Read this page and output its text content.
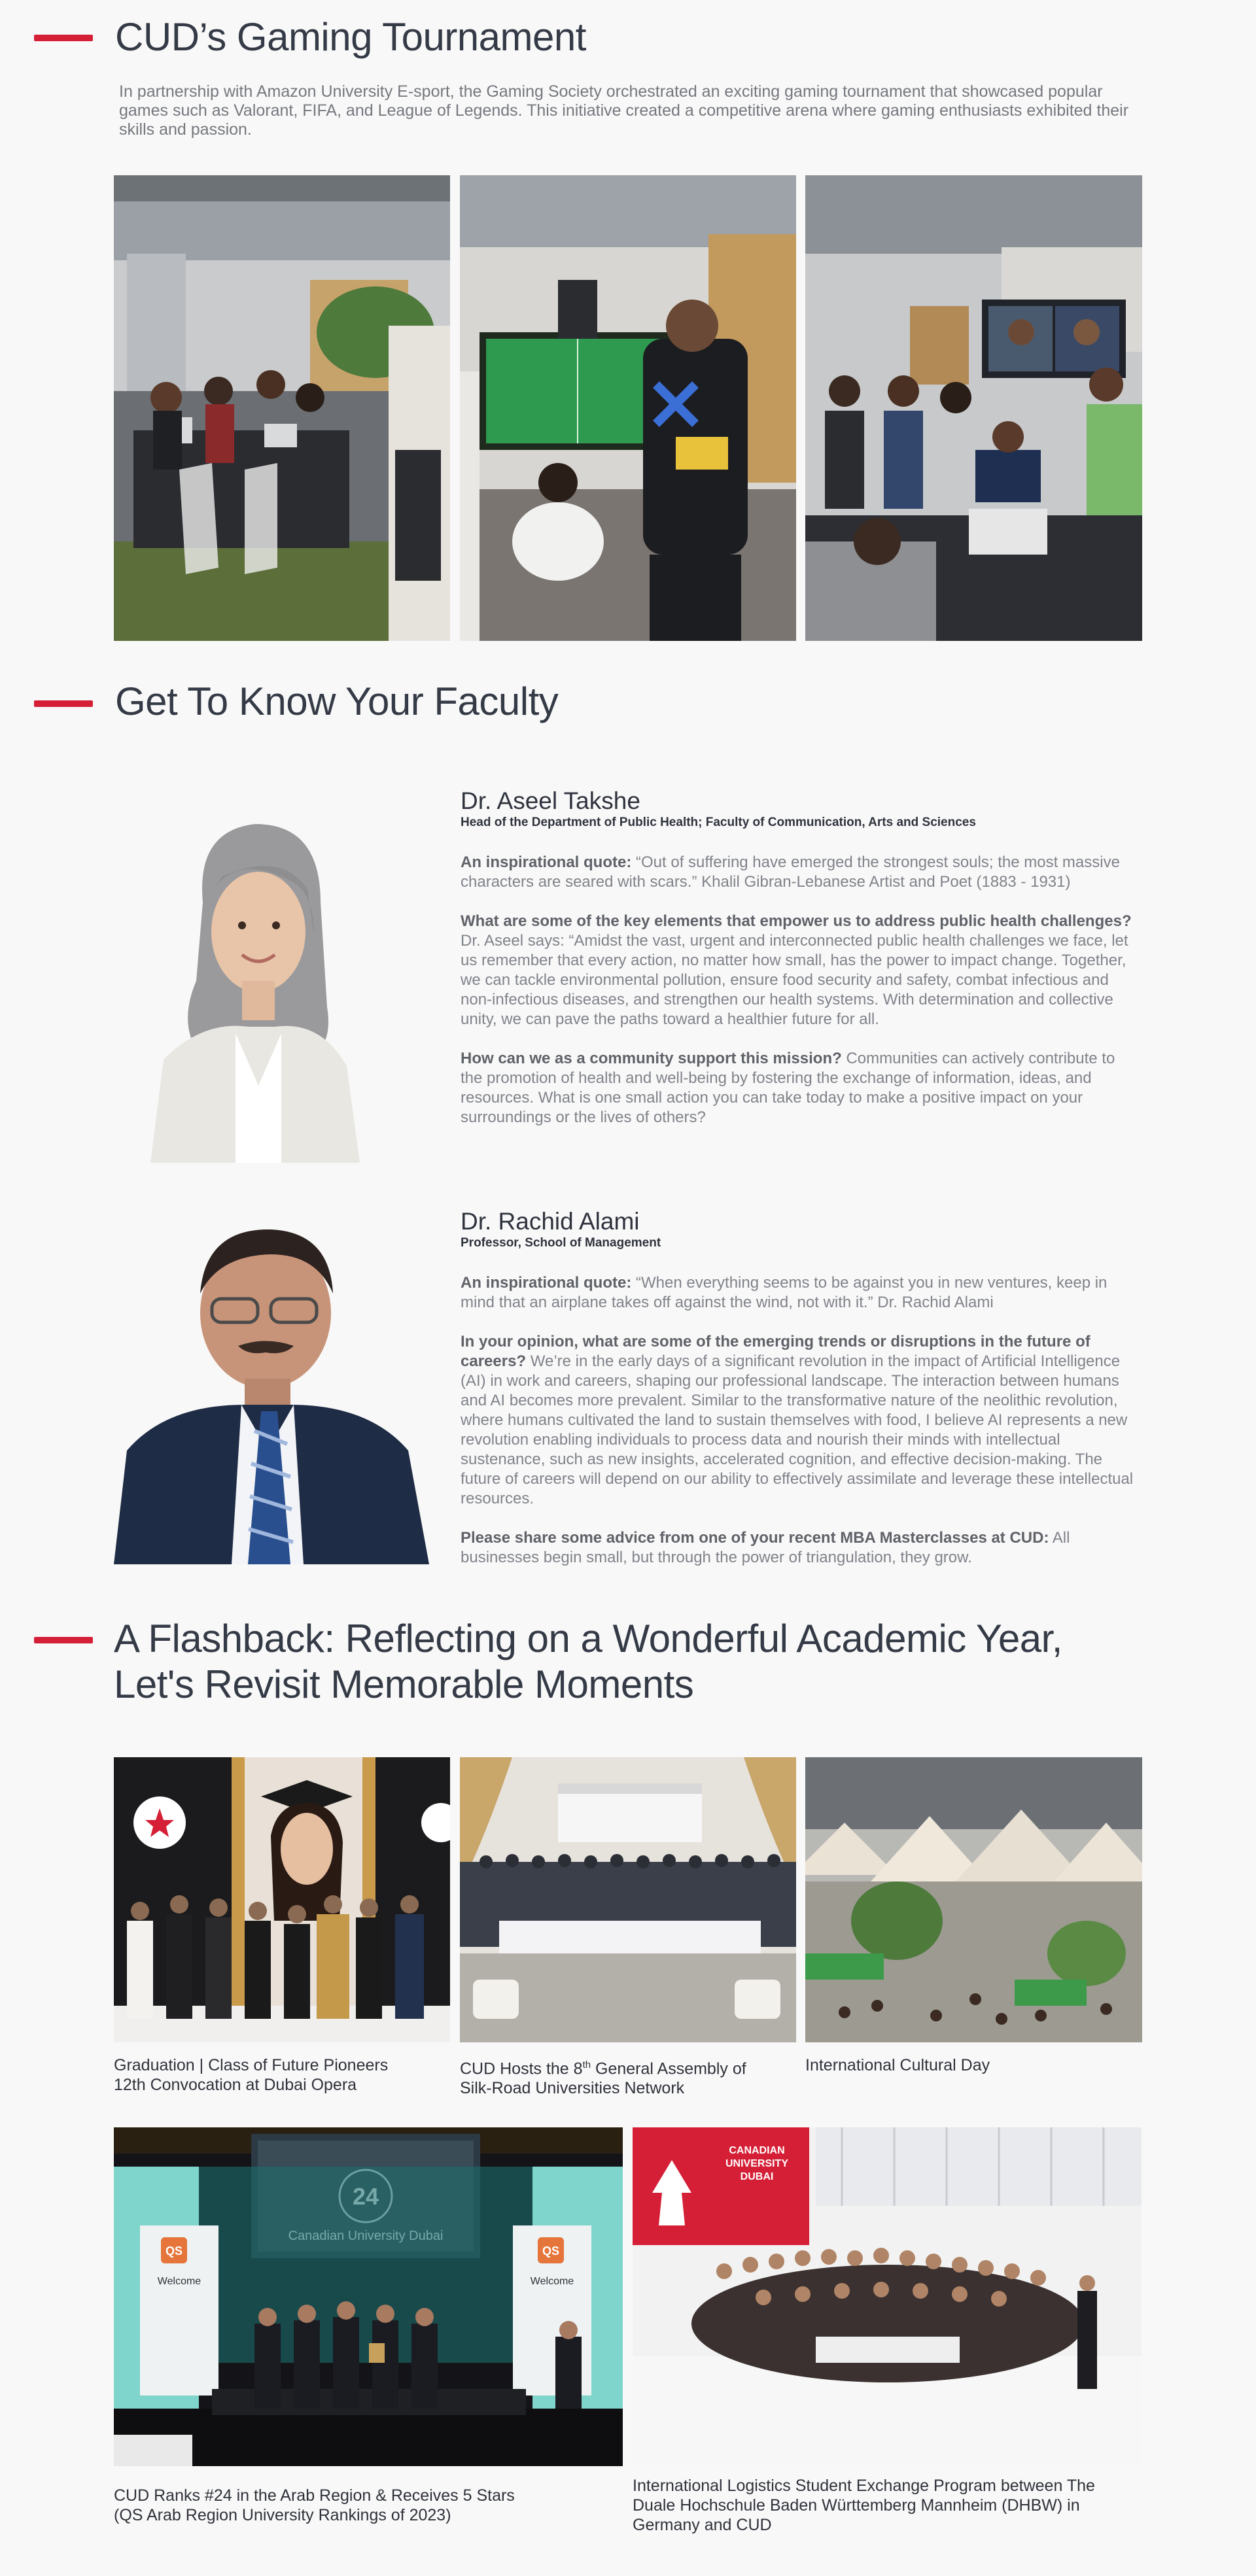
CUD’s Gaming Tournament
In partnership with Amazon University E-sport, the Gaming Society orchestrated an exciting gaming tournament that showcased popular games such as Valorant, FIFA, and League of Legends. This initiative created a competitive arena where gaming enthusiasts exhibited their skills and passion.
Get To Know Your Faculty
Dr. Aseel Takshe
Head of the Department of Public Health; Faculty of Communication, Arts and Sciences

An inspirational quote: “Out of suffering have emerged the strongest souls; the most massive characters are seared with scars.” Khalil Gibran-Lebanese Artist and Poet (1883 - 1931)

What are some of the key elements that empower us to address public health challenges? Dr. Aseel says: “Amidst the vast, urgent and interconnected public health challenges we face, let us remember that every action, no matter how small, has the power to impact change. Together, we can tackle environmental pollution, ensure food security and safety, combat infectious and non-infectious diseases, and strengthen our health systems. With determination and collective unity, we can pave the paths toward a healthier future for all.

How can we as a community support this mission? Communities can actively contribute to the promotion of health and well-being by fostering the exchange of information, ideas, and resources. What is one small action you can take today to make a positive impact on your surroundings or the lives of others?

Dr. Rachid Alami
Professor, School of Management

An inspirational quote: “When everything seems to be against you in new ventures, keep in mind that an airplane takes off against the wind, not with it.” Dr. Rachid Alami

In your opinion, what are some of the emerging trends or disruptions in the future of careers? We’re in the early days of a significant revolution in the impact of Artificial Intelligence (AI) in work and careers, shaping our professional landscape. The interaction between humans and AI becomes more prevalent. Similar to the transformative nature of the neolithic revolution, where humans cultivated the land to sustain themselves with food, I believe AI represents a new revolution enabling individuals to process data and nourish their minds with intellectual sustenance, such as new insights, accelerated cognition, and effective decision-making. The future of careers will depend on our ability to effectively assimilate and leverage these intellectual resources.

Please share some advice from one of your recent MBA Masterclasses at CUD: All businesses begin small, but through the power of triangulation, they grow.

A Flashback: Reflecting on a Wonderful Academic Year,
Let's Revisit Memorable Moments
Graduation | Class of Future Pioneers
12th Convocation at Dubai Opera
CUD Hosts the 8th General Assembly of
Silk-Road Universities Network
International Cultural Day
QS	QS
Welcome	Welcome
CUD Ranks #24 in the Arab Region & Receives 5 Stars
(QS Arab Region University Rankings of 2023)
CANADIAN
UNIVERSITY
DUBAI
International Logistics Student Exchange Program between The
Duale Hochschule Baden Württemberg Mannheim (DHBW) in
Germany and CUD
